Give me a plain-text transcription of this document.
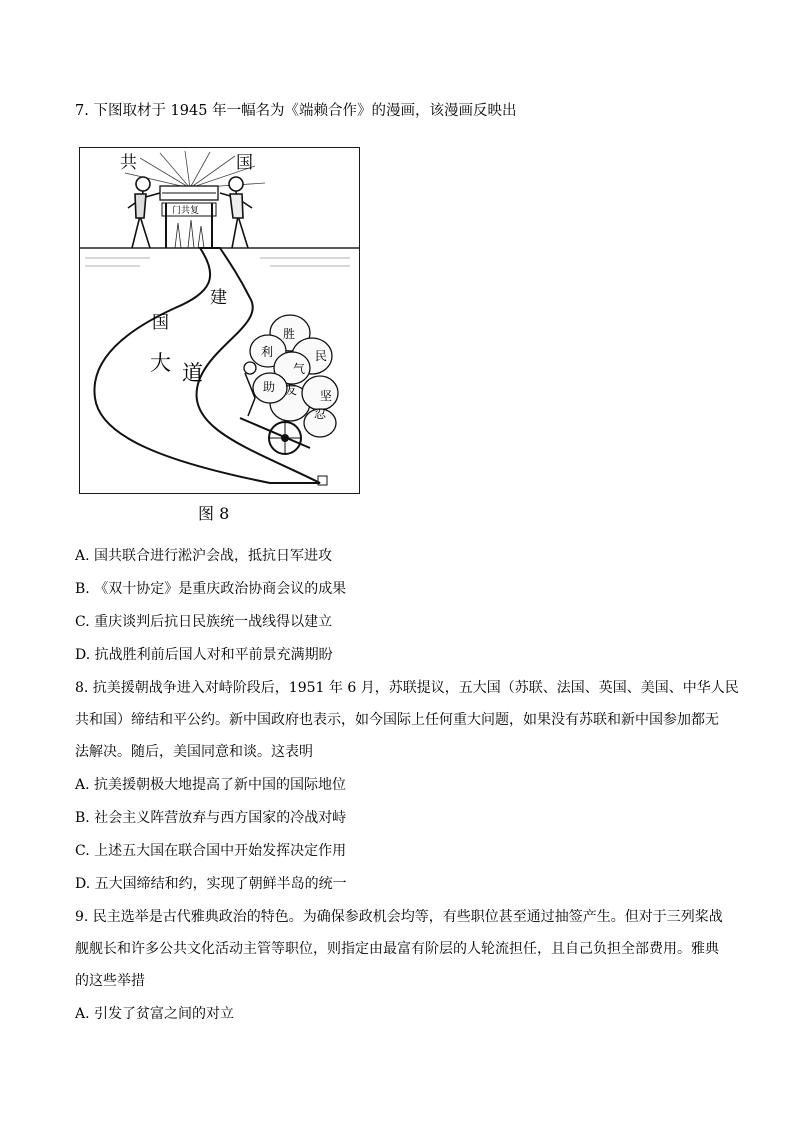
7. 下图取材于 1945 年一幅名为《端赖合作》的漫画，该漫画反映出
共	国
门共复
建
国
大 道
胜
利	民
气
助 友 坚
忍
图 8
A. 国共联合进行淞沪会战，抵抗日军进攻
B. 《双十协定》是重庆政治协商会议的成果
C. 重庆谈判后抗日民族统一战线得以建立
D. 抗战胜利前后国人对和平前景充满期盼
8. 抗美援朝战争进入对峙阶段后，1951 年 6 月，苏联提议，五大国（苏联、法国、英国、美国、中华人民
共和国）缔结和平公约。新中国政府也表示，如今国际上任何重大问题，如果没有苏联和新中国参加都无
法解决。随后，美国同意和谈。这表明
A. 抗美援朝极大地提高了新中国的国际地位
B. 社会主义阵营放弃与西方国家的冷战对峙
C. 上述五大国在联合国中开始发挥决定作用
D. 五大国缔结和约，实现了朝鲜半岛的统一
9. 民主选举是古代雅典政治的特色。为确保参政机会均等，有些职位甚至通过抽签产生。但对于三列桨战
舰舰长和许多公共文化活动主管等职位，则指定由最富有阶层的人轮流担任，且自己负担全部费用。雅典
的这些举措
A. 引发了贫富之间的对立
